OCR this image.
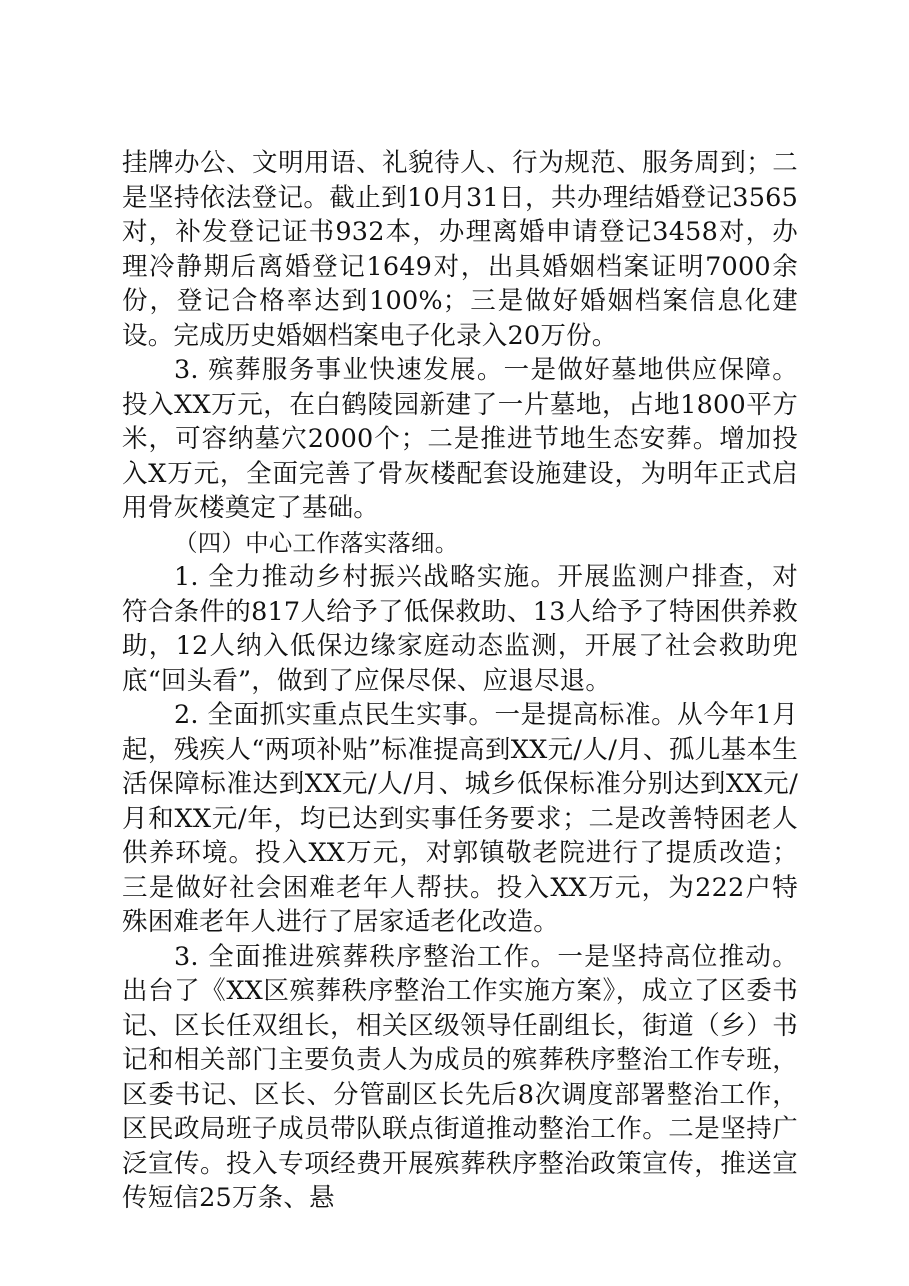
挂牌办公、文明用语、礼貌待人、行为规范、服务周到；二是坚持依法登记。截止到10月31日，共办理结婚登记3565对，补发登记证书932本，办理离婚申请登记3458对，办理冷静期后离婚登记1649对，出具婚姻档案证明7000余份，登记合格率达到100%；三是做好婚姻档案信息化建设。完成历史婚姻档案电子化录入20万份。

3. 殡葬服务事业快速发展。一是做好墓地供应保障。投入XX万元，在白鹤陵园新建了一片墓地，占地1800平方米，可容纳墓穴2000个；二是推进节地生态安葬。增加投入X万元，全面完善了骨灰楼配套设施建设，为明年正式启用骨灰楼奠定了基础。

（四）中心工作落实落细。

1. 全力推动乡村振兴战略实施。开展监测户排查，对符合条件的817人给予了低保救助、13人给予了特困供养救助，12人纳入低保边缘家庭动态监测，开展了社会救助兜底“回头看”，做到了应保尽保、应退尽退。

2. 全面抓实重点民生实事。一是提高标准。从今年1月起，残疾人“两项补贴”标准提高到XX元/人/月、孤儿基本生活保障标准达到XX元/人/月、城乡低保标准分别达到XX元/月和XX元/年，均已达到实事任务要求；二是改善特困老人供养环境。投入XX万元，对郭镇敬老院进行了提质改造；三是做好社会困难老年人帮扶。投入XX万元，为222户特殊困难老年人进行了居家适老化改造。

3. 全面推进殡葬秩序整治工作。一是坚持高位推动。出台了《XX区殡葬秩序整治工作实施方案》，成立了区委书记、区长任双组长，相关区级领导任副组长，街道（乡）书记和相关部门主要负责人为成员的殡葬秩序整治工作专班，区委书记、区长、分管副区长先后8次调度部署整治工作，区民政局班子成员带队联点街道推动整治工作。二是坚持广泛宣传。投入专项经费开展殡葬秩序整治政策宣传，推送宣传短信25万条、悬
